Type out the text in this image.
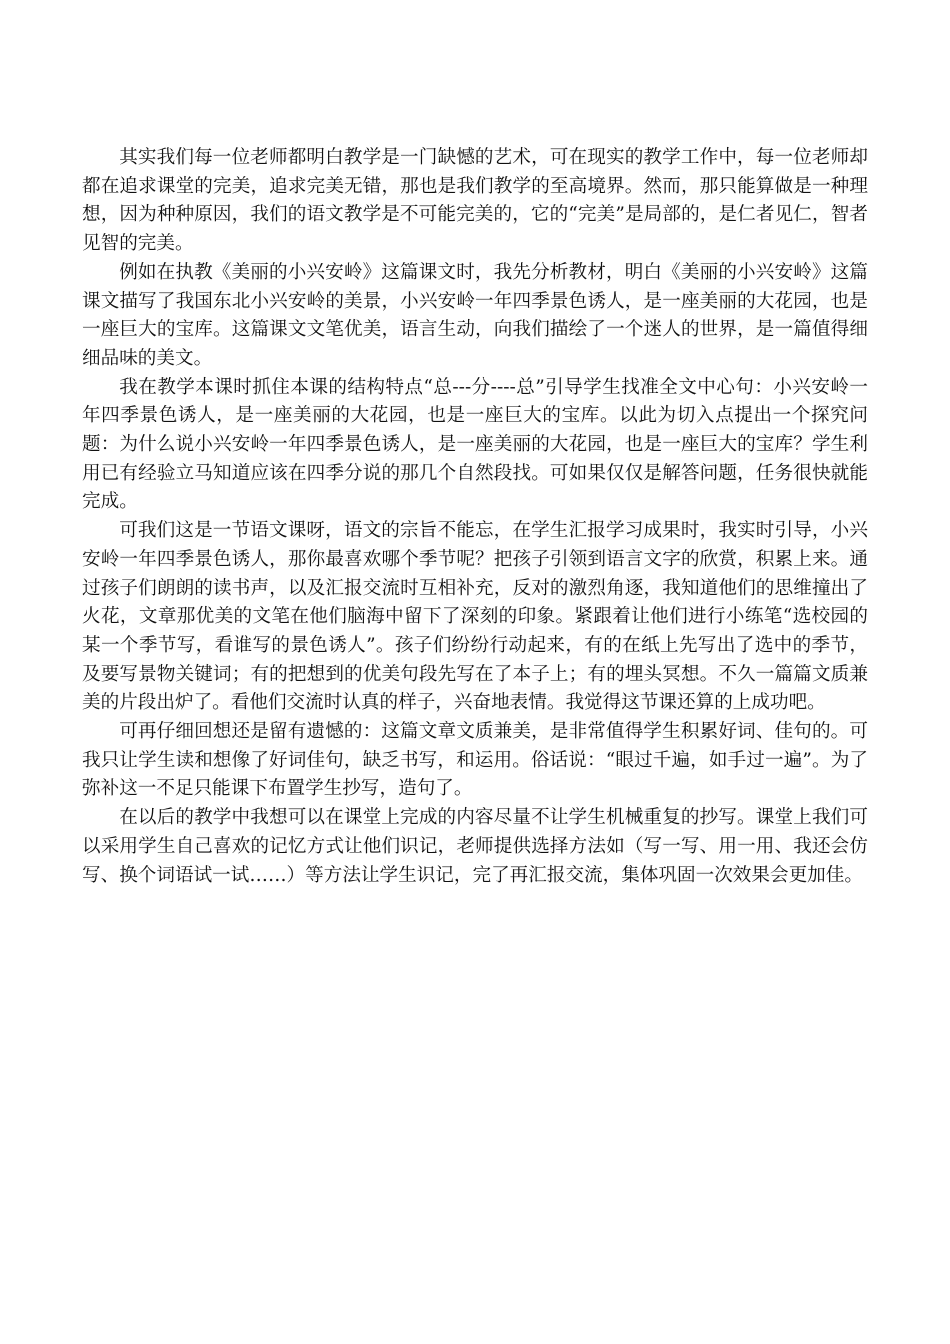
其实我们每一位老师都明白教学是一门缺憾的艺术，可在现实的教学工作中，每一位老师却都在追求课堂的完美，追求完美无错，那也是我们教学的至高境界。然而，那只能算做是一种理想，因为种种原因，我们的语文教学是不可能完美的，它的“完美”是局部的，是仁者见仁，智者见智的完美。

例如在执教《美丽的小兴安岭》这篇课文时，我先分析教材，明白《美丽的小兴安岭》这篇课文描写了我国东北小兴安岭的美景，小兴安岭一年四季景色诱人，是一座美丽的大花园，也是一座巨大的宝库。这篇课文文笔优美，语言生动，向我们描绘了一个迷人的世界，是一篇值得细细品味的美文。

我在教学本课时抓住本课的结构特点“总---分----总”引导学生找准全文中心句：小兴安岭一年四季景色诱人，是一座美丽的大花园，也是一座巨大的宝库。以此为切入点提出一个探究问题：为什么说小兴安岭一年四季景色诱人，是一座美丽的大花园，也是一座巨大的宝库？学生利用已有经验立马知道应该在四季分说的那几个自然段找。可如果仅仅是解答问题，任务很快就能完成。

可我们这是一节语文课呀，语文的宗旨不能忘，在学生汇报学习成果时，我实时引导，小兴安岭一年四季景色诱人，那你最喜欢哪个季节呢？把孩子引领到语言文字的欣赏，积累上来。通过孩子们朗朗的读书声，以及汇报交流时互相补充，反对的激烈角逐，我知道他们的思维撞出了火花，文章那优美的文笔在他们脑海中留下了深刻的印象。紧跟着让他们进行小练笔“选校园的某一个季节写，看谁写的景色诱人”。孩子们纷纷行动起来，有的在纸上先写出了选中的季节，及要写景物关键词；有的把想到的优美句段先写在了本子上；有的埋头冥想。不久一篇篇文质兼美的片段出炉了。看他们交流时认真的样子，兴奋地表情。我觉得这节课还算的上成功吧。

可再仔细回想还是留有遗憾的：这篇文章文质兼美，是非常值得学生积累好词、佳句的。可我只让学生读和想像了好词佳句，缺乏书写，和运用。俗话说：“眼过千遍，如手过一遍”。为了弥补这一不足只能课下布置学生抄写，造句了。

在以后的教学中我想可以在课堂上完成的内容尽量不让学生机械重复的抄写。课堂上我们可以采用学生自己喜欢的记忆方式让他们识记，老师提供选择方法如（写一写、用一用、我还会仿写、换个词语试一试……）等方法让学生识记，完了再汇报交流，集体巩固一次效果会更加佳。
